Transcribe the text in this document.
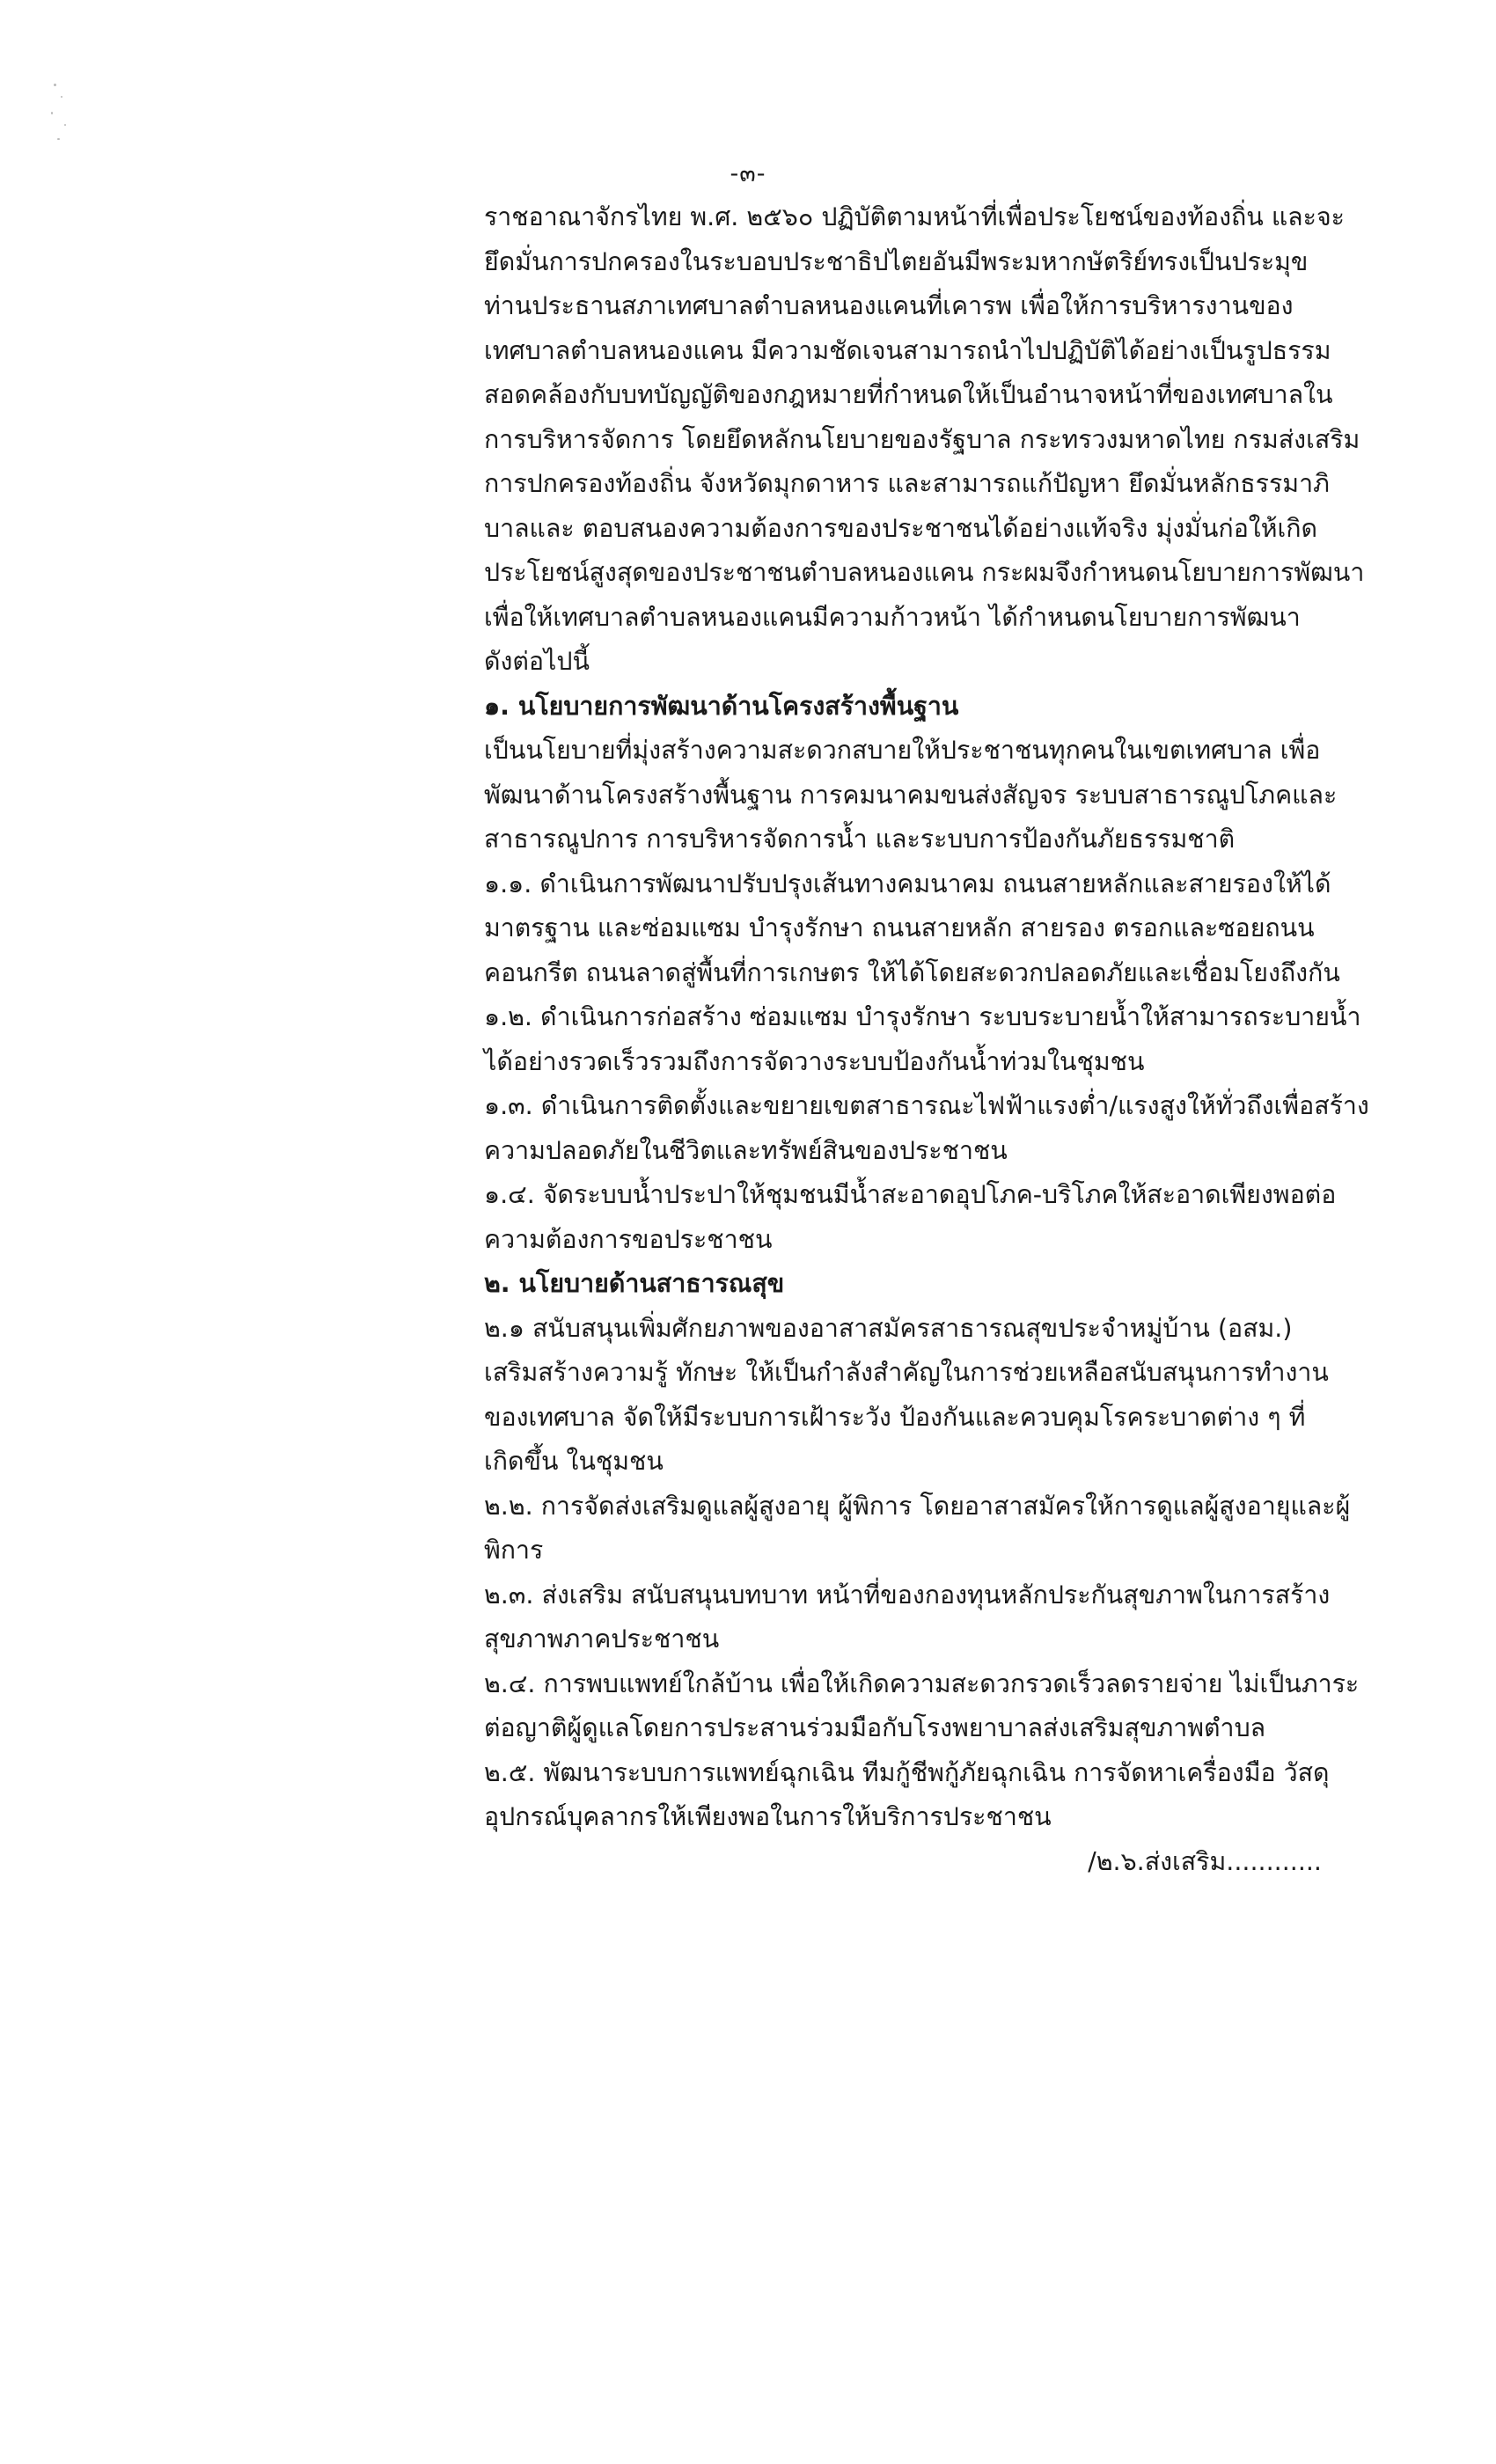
-๓-
ราชอาณาจักรไทย พ.ศ. ๒๕๖๐ ปฏิบัติตามหน้าที่เพื่อประโยชน์ของท้องถิ่น และจะ
ยึดมั่นการปกครองในระบอบประชาธิปไตยอันมีพระมหากษัตริย์ทรงเป็นประมุข
ท่านประธานสภาเทศบาลตำบลหนองแคนที่เคารพ เพื่อให้การบริหารงานของ
เทศบาลตำบลหนองแคน มีความชัดเจนสามารถนำไปปฏิบัติได้อย่างเป็นรูปธรรม
สอดคล้องกับบทบัญญัติของกฎหมายที่กำหนดให้เป็นอำนาจหน้าที่ของเทศบาลใน
การบริหารจัดการ โดยยึดหลักนโยบายของรัฐบาล กระทรวงมหาดไทย กรมส่งเสริม
การปกครองท้องถิ่น จังหวัดมุกดาหาร และสามารถแก้ปัญหา ยึดมั่นหลักธรรมาภิ
บาลและ ตอบสนองความต้องการของประชาชนได้อย่างแท้จริง มุ่งมั่นก่อให้เกิด
ประโยชน์สูงสุดของประชาชนตำบลหนองแคน กระผมจึงกำหนดนโยบายการพัฒนา
เพื่อให้เทศบาลตำบลหนองแคนมีความก้าวหน้า ได้กำหนดนโยบายการพัฒนา
ดังต่อไปนี้
๑. นโยบายการพัฒนาด้านโครงสร้างพื้นฐาน
เป็นนโยบายที่มุ่งสร้างความสะดวกสบายให้ประชาชนทุกคนในเขตเทศบาล เพื่อ
พัฒนาด้านโครงสร้างพื้นฐาน การคมนาคมขนส่งสัญจร ระบบสาธารณูปโภคและ
สาธารณูปการ การบริหารจัดการน้ำ และระบบการป้องกันภัยธรรมชาติ
๑.๑. ดำเนินการพัฒนาปรับปรุงเส้นทางคมนาคม ถนนสายหลักและสายรองให้ได้
มาตรฐาน และซ่อมแซม บำรุงรักษา ถนนสายหลัก สายรอง ตรอกและซอยถนน
คอนกรีต ถนนลาดสู่พื้นที่การเกษตร ให้ได้โดยสะดวกปลอดภัยและเชื่อมโยงถึงกัน
๑.๒. ดำเนินการก่อสร้าง ซ่อมแซม บำรุงรักษา ระบบระบายน้ำให้สามารถระบายน้ำ
ได้อย่างรวดเร็วรวมถึงการจัดวางระบบป้องกันน้ำท่วมในชุมชน
๑.๓. ดำเนินการติดตั้งและขยายเขตสาธารณะไฟฟ้าแรงต่ำ/แรงสูงให้ทั่วถึงเพื่อสร้าง
ความปลอดภัยในชีวิตและทรัพย์สินของประชาชน
๑.๔. จัดระบบน้ำประปาให้ชุมชนมีน้ำสะอาดอุปโภค-บริโภคให้สะอาดเพียงพอต่อ
ความต้องการขอประชาชน
๒. นโยบายด้านสาธารณสุข
๒.๑ สนับสนุนเพิ่มศักยภาพของอาสาสมัครสาธารณสุขประจำหมู่บ้าน (อสม.)
เสริมสร้างความรู้ ทักษะ ให้เป็นกำลังสำคัญในการช่วยเหลือสนับสนุนการทำงาน
ของเทศบาล จัดให้มีระบบการเฝ้าระวัง ป้องกันและควบคุมโรคระบาดต่าง ๆ ที่
เกิดขึ้น ในชุมชน
๒.๒. การจัดส่งเสริมดูแลผู้สูงอายุ ผู้พิการ โดยอาสาสมัครให้การดูแลผู้สูงอายุและผู้
พิการ
๒.๓. ส่งเสริม สนับสนุนบทบาท หน้าที่ของกองทุนหลักประกันสุขภาพในการสร้าง
สุขภาพภาคประชาชน
๒.๔. การพบแพทย์ใกล้บ้าน เพื่อให้เกิดความสะดวกรวดเร็วลดรายจ่าย ไม่เป็นภาระ
ต่อญาติผู้ดูแลโดยการประสานร่วมมือกับโรงพยาบาลส่งเสริมสุขภาพตำบล
๒.๕. พัฒนาระบบการแพทย์ฉุกเฉิน ทีมกู้ชีพกู้ภัยฉุกเฉิน การจัดหาเครื่องมือ วัสดุ
อุปกรณ์บุคลากรให้เพียงพอในการให้บริการประชาชน
/๒.๖.ส่งเสริม............
